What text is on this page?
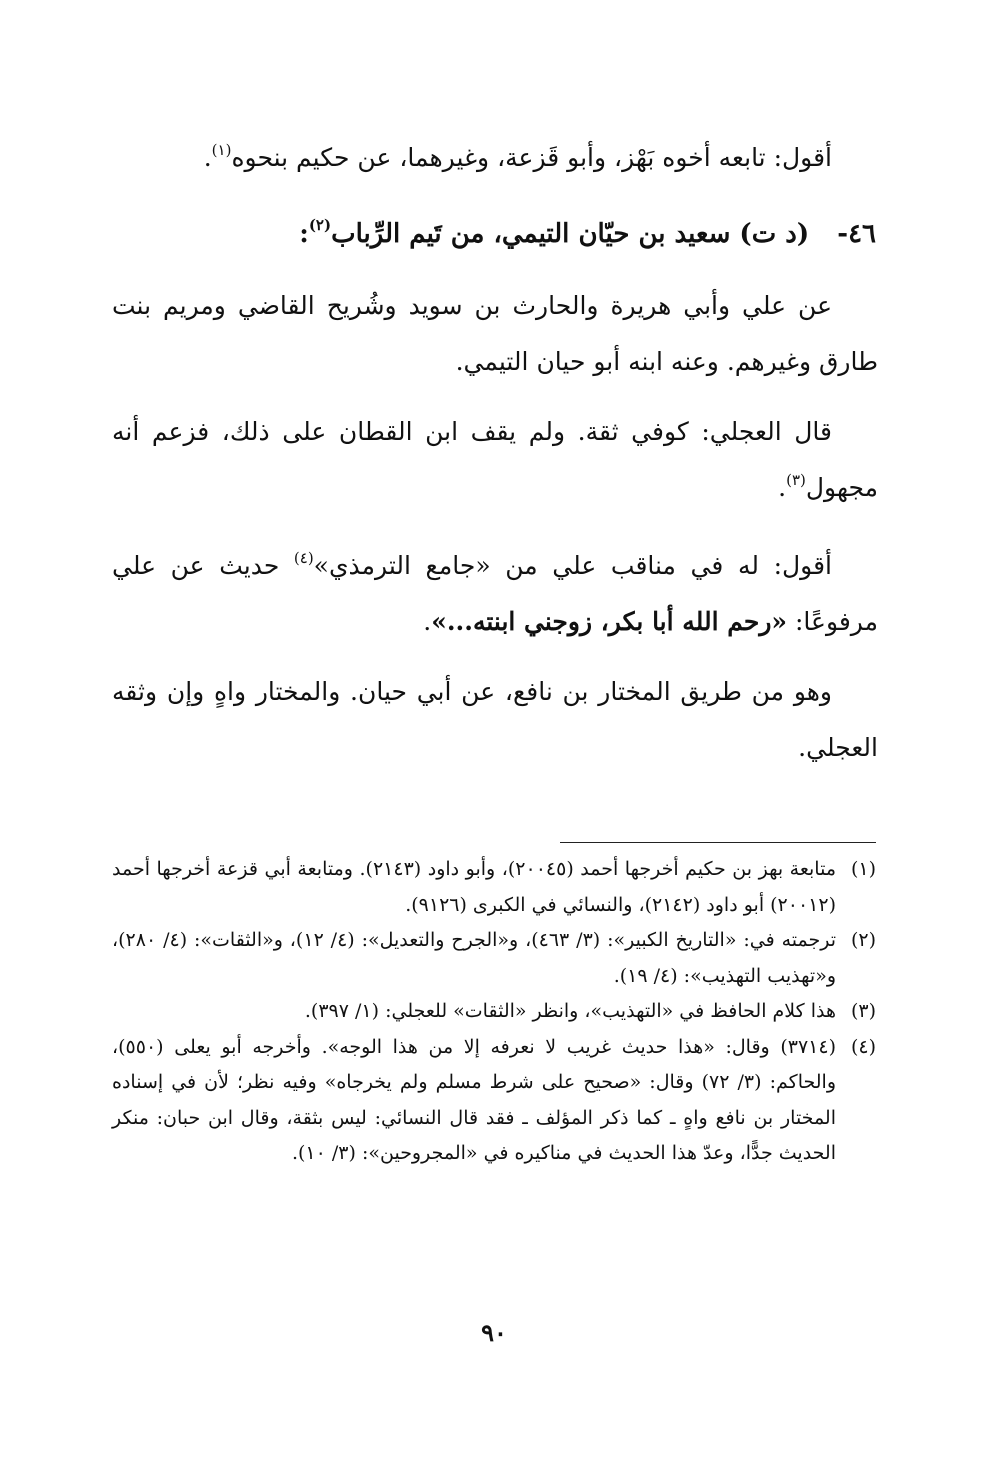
أقول: تابعه أخوه بَهْز، وأبو قَزعة، وغيرهما، عن حكيم بنحوه$^{(١)}$.
٤٦-  (د ت) سعيد بن حيّان التيمي، من تَيم الرِّباب$^{(٢)}$:
عن علي وأبي هريرة والحارث بن سويد وشُريح القاضي ومريم بنت طارق وغيرهم. وعنه ابنه أبو حيان التيمي.
قال العجلي: كوفي ثقة. ولم يقف ابن القطان على ذلك، فزعم أنه مجهول$^{(٣)}$.
أقول: له في مناقب علي من «جامع الترمذي»$^{(٤)}$ حديث عن علي مرفوعًا: «رحم الله أبا بكر، زوجني ابنته...».
وهو من طريق المختار بن نافع، عن أبي حيان. والمختار واهٍ وإن وثقه العجلي.
(١)
متابعة بهز بن حكيم أخرجها أحمد (٢٠٠٤٥)، وأبو داود (٢١٤٣). ومتابعة أبي قزعة أخرجها أحمد (٢٠٠١٢) أبو داود (٢١٤٢)، والنسائي في الكبرى (٩١٢٦).
(٢)
ترجمته في: «التاريخ الكبير»: (٣/ ٤٦٣)، و«الجرح والتعديل»: (٤/ ١٢)، و«الثقات»: (٤/ ٢٨٠)، و«تهذيب التهذيب»: (٤/ ١٩).
(٣)
هذا كلام الحافظ في «التهذيب»، وانظر «الثقات» للعجلي: (١/ ٣٩٧).
(٤)
(٣٧١٤) وقال: «هذا حديث غريب لا نعرفه إلا من هذا الوجه». وأخرجه أبو يعلى (٥٥٠)، والحاكم: (٣/ ٧٢) وقال: «صحيح على شرط مسلم ولم يخرجاه» وفيه نظر؛ لأن في إسناده المختار بن نافع واهٍ ـ كما ذكر المؤلف ـ فقد قال النسائي: ليس بثقة، وقال ابن حبان: منكر الحديث جدًّا، وعدّ هذا الحديث في مناكيره في «المجروحين»: (٣/ ١٠).
٩٠
